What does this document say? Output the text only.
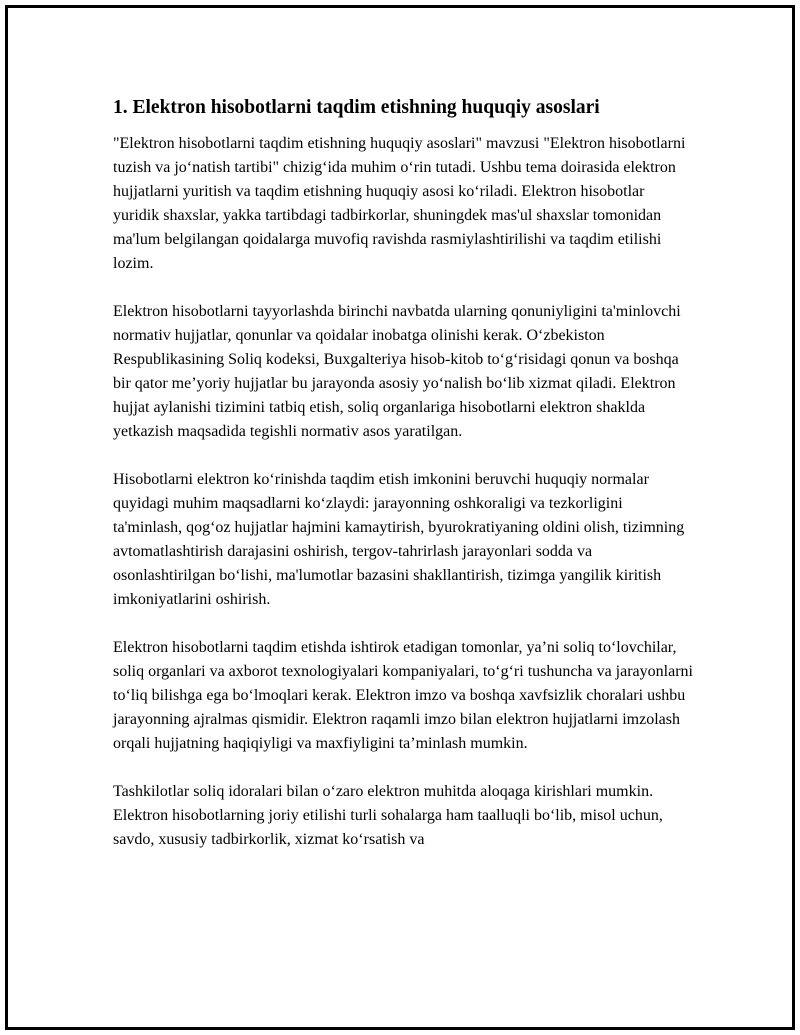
1. Elektron hisobotlarni taqdim etishning huquqiy asoslari

"Elektron hisobotlarni taqdim etishning huquqiy asoslari" mavzusi "Elektron hisobotlarni tuzish va jo‘natish tartibi" chizig‘ida muhim o‘rin tutadi. Ushbu tema doirasida elektron hujjatlarni yuritish va taqdim etishning huquqiy asosi ko‘riladi. Elektron hisobotlar yuridik shaxslar, yakka tartibdagi tadbirkorlar, shuningdek mas'ul shaxslar tomonidan ma'lum belgilangan qoidalarga muvofiq ravishda rasmiylashtirilishi va taqdim etilishi lozim.

Elektron hisobotlarni tayyorlashda birinchi navbatda ularning qonuniyligini ta'minlovchi normativ hujjatlar, qonunlar va qoidalar inobatga olinishi kerak. O‘zbekiston Respublikasining Soliq kodeksi, Buxgalteriya hisob-kitob to‘g‘risidagi qonun va boshqa bir qator me’yoriy hujjatlar bu jarayonda asosiy yo‘nalish bo‘lib xizmat qiladi. Elektron hujjat aylanishi tizimini tatbiq etish, soliq organlariga hisobotlarni elektron shaklda yetkazish maqsadida tegishli normativ asos yaratilgan.

Hisobotlarni elektron ko‘rinishda taqdim etish imkonini beruvchi huquqiy normalar quyidagi muhim maqsadlarni ko‘zlaydi: jarayonning oshkoraligi va tezkorligini ta'minlash, qog‘oz hujjatlar hajmini kamaytirish, byurokratiyaning oldini olish, tizimning avtomatlashtirish darajasini oshirish, tergov-tahrirlash jarayonlari sodda va osonlashtirilgan bo‘lishi, ma'lumotlar bazasini shakllantirish, tizimga yangilik kiritish imkoniyatlarini oshirish.

Elektron hisobotlarni taqdim etishda ishtirok etadigan tomonlar, ya’ni soliq to‘lovchilar, soliq organlari va axborot texnologiyalari kompaniyalari, to‘g‘ri tushuncha va jarayonlarni to‘liq bilishga ega bo‘lmoqlari kerak. Elektron imzo va boshqa xavfsizlik choralari ushbu jarayonning ajralmas qismidir. Elektron raqamli imzo bilan elektron hujjatlarni imzolash orqali hujjatning haqiqiyligi va maxfiyligini ta’minlash mumkin.

Tashkilotlar soliq idoralari bilan o‘zaro elektron muhitda aloqaga kirishlari mumkin. Elektron hisobotlarning joriy etilishi turli sohalarga ham taalluqli bo‘lib, misol uchun, savdo, xususiy tadbirkorlik, xizmat ko‘rsatish va
